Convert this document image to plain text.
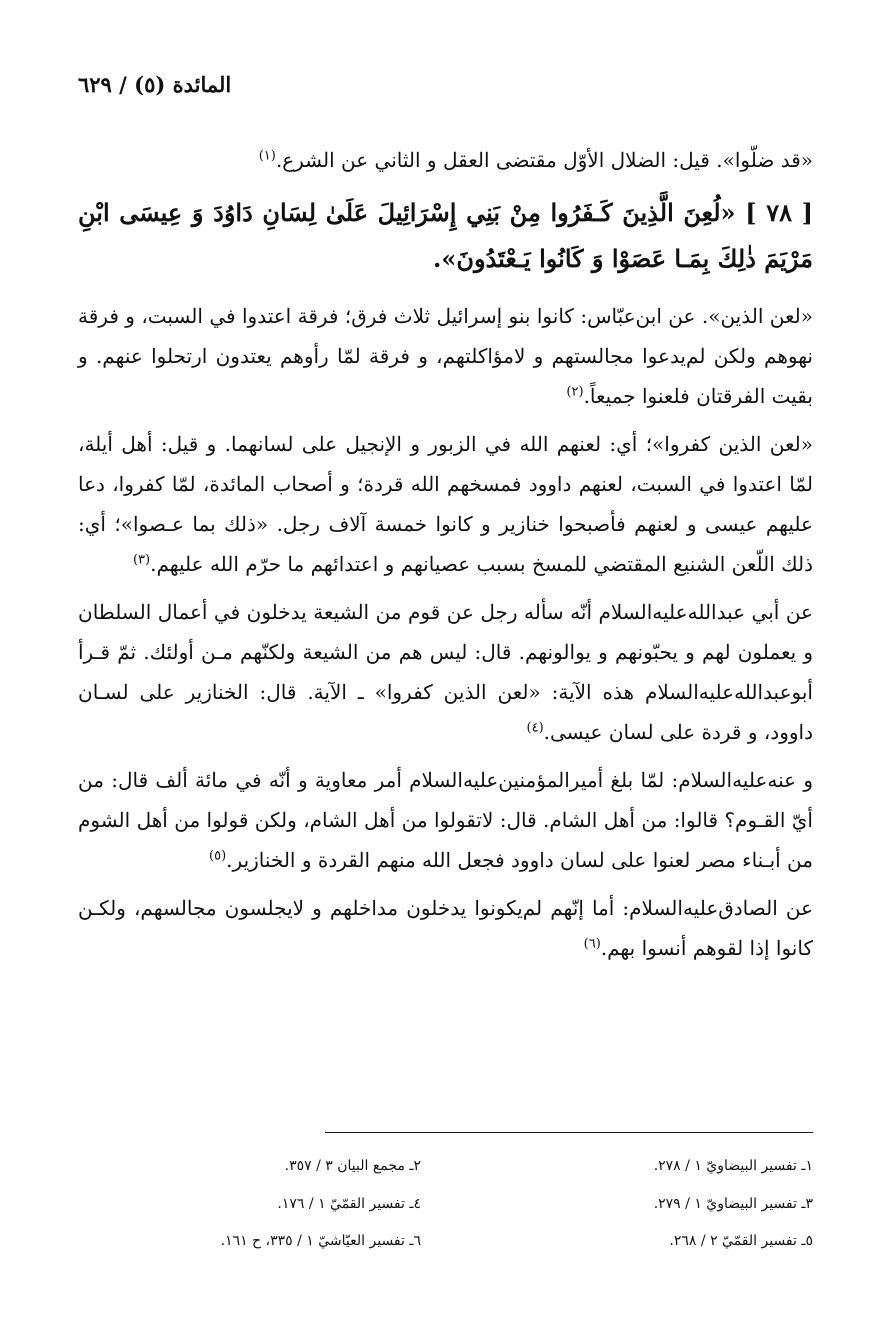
المائدة (٥) / ٦٢٩

«قد ضلّوا». قيل: الضلال الأوّل مقتضى العقل و الثاني عن الشرع.$^{(١)}$

[ ٧٨ ] «لُعِنَ الَّذِينَ كَـفَرُوا مِنْ بَنِي إِسْرَائِيلَ عَلَىٰ لِسَانِ دَاوُدَ وَ عِيسَى ابْنِ مَرْيَمَ ذٰلِكَ بِمَـا عَصَوْا وَ كَانُوا يَـعْتَدُونَ».

«لعن الذين». عن ابن‌عبّاس: كانوا بنو إسرائيل ثلاث فرق؛ فرقة اعتدوا في السبت، و فرقة نهوهم ولكن لم‌يدعوا مجالستهم و لامؤاكلتهم، و فرقة لمّا رأوهم يعتدون ارتحلوا عنهم. و بقيت الفرقتان فلعنوا جميعاً.$^{(٢)}$

«لعن الذين كفروا»؛ أي: لعنهم الله في الزبور و الإنجيل على لسانهما. و قيل: أهل أيلة، لمّا اعتدوا في السبت، لعنهم داوود فمسخهم الله قردة؛ و أصحاب المائدة، لمّا كفروا، دعا عليهم عيسى و لعنهم فأصبحوا خنازير و كانوا خمسة آلاف رجل. «ذلك بما عـصوا»؛ أي: ذلك اللّعن الشنيع المقتضي للمسخ بسبب عصيانهم و اعتدائهم ما حرّم الله عليهم.$^{(٣)}$

عن أبي عبدالله‌عليه‌السلام أنّه سأله رجل عن قوم من الشيعة يدخلون في أعمال السلطان و يعملون لهم و يحبّونهم و يوالونهم. قال: ليس هم من الشيعة ولكنّهم مـن أولئك. ثمّ قـرأ أبوعبدالله‌عليه‌السلام هذه الآية: «لعن الذين كفروا» ـ الآية. قال: الخنازير على لسـان داوود، و قردة على لسان عيسى.$^{(٤)}$

و عنه‌عليه‌السلام: لمّا بلغ أميرالمؤمنين‌عليه‌السلام أمر معاوية و أنّه في مائة ألف قال: من أيّ القـوم؟ قالوا: من أهل الشام. قال: لاتقولوا من أهل الشام، ولكن قولوا من أهل الشوم من أبـناء مصر لعنوا على لسان داوود فجعل الله منهم القردة و الخنازير.$^{(٥)}$

عن الصادق‌عليه‌السلام: أما إنّهم لم‌يكونوا يدخلون مداخلهم و لايجلسون مجالسهم، ولكـن كانوا إذا لقوهم أنسوا بهم.$^{(٦)}$

١ـ تفسير البيضاويّ ١ / ٢٧٨.
٢ـ مجمع البيان ٣ / ٣٥٧.
٣ـ تفسير البيضاويّ ١ / ٢٧٩.
٤ـ تفسير القمّيّ ١ / ١٧٦.
٥ـ تفسير القمّيّ ٢ / ٢٦٨.
٦ـ تفسير العيّاشيّ ١ / ٣٣٥، ح ١٦١.
